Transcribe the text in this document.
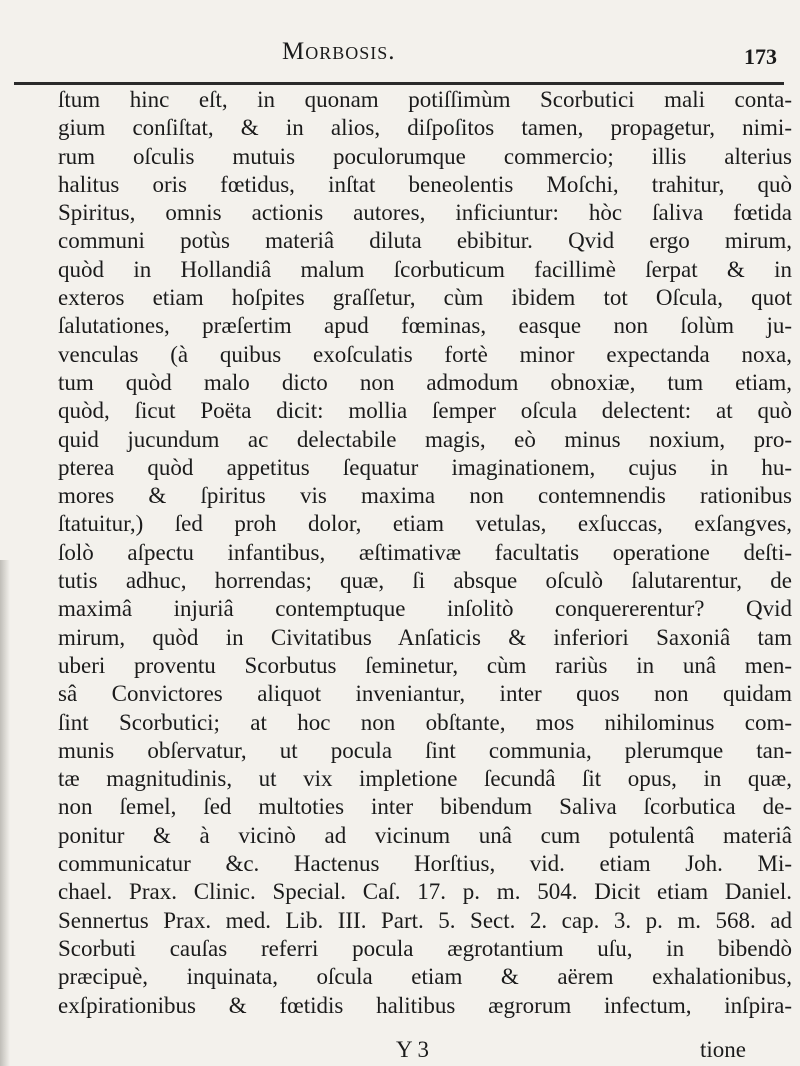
Morbosis.	173
ſtum hinc eſt, in quonam potiſſimùm Scorbutici mali conta-
gium conſiſtat, & in alios, diſpoſitos tamen, propagetur, nimi-
rum oſculis mutuis poculorumque commercio; illis alterius
halitus oris fœtidus, inſtat beneolentis Moſchi, trahitur, quò
Spiritus, omnis actionis autores, inficiuntur: hòc ſaliva fœtida
communi potùs materiâ diluta ebibitur. Qvid ergo mirum,
quòd in Hollandiâ malum ſcorbuticum facillimè ſerpat & in
exteros etiam hoſpites graſſetur, cùm ibidem tot Oſcula, quot
ſalutationes, præſertim apud fœminas, easque non ſolùm ju-
venculas (à quibus exoſculatis fortè minor expectanda noxa,
tum quòd malo dicto non admodum obnoxiæ, tum etiam,
quòd, ſicut Poëta dicit: mollia ſemper oſcula delectent: at quò
quid jucundum ac delectabile magis, eò minus noxium, pro-
pterea quòd appetitus ſequatur imaginationem, cujus in hu-
mores & ſpiritus vis maxima non contemnendis rationibus
ſtatuitur,) ſed proh dolor, etiam vetulas, exſuccas, exſangves,
ſolò aſpectu infantibus, æſtimativæ facultatis operatione deſti-
tutis adhuc, horrendas; quæ, ſi absque oſculò ſalutarentur, de
maximâ injuriâ contemptuque inſolitò conquererentur? Qvid
mirum, quòd in Civitatibus Anſaticis & inferiori Saxoniâ tam
uberi proventu Scorbutus ſeminetur, cùm rariùs in unâ men-
sâ Convictores aliquot inveniantur, inter quos non quidam
ſint Scorbutici; at hoc non obſtante, mos nihilominus com-
munis obſervatur, ut pocula ſint communia, plerumque tan-
tæ magnitudinis, ut vix impletione ſecundâ ſit opus, in quæ,
non ſemel, ſed multoties inter bibendum Saliva ſcorbutica de-
ponitur & à vicinò ad vicinum unâ cum potulentâ materiâ
communicatur &c. Hactenus Horſtius, vid. etiam Joh. Mi-
chael. Prax. Clinic. Special. Caſ. 17. p. m. 504. Dicit etiam Daniel.
Sennertus Prax. med. Lib. III. Part. 5. Sect. 2. cap. 3. p. m. 568. ad
Scorbuti cauſas referri pocula ægrotantium uſu, in bibendò
præcipuè, inquinata, oſcula etiam & aërem exhalationibus,
exſpirationibus & fœtidis halitibus ægrorum infectum, inſpira-
Y 3	tione
